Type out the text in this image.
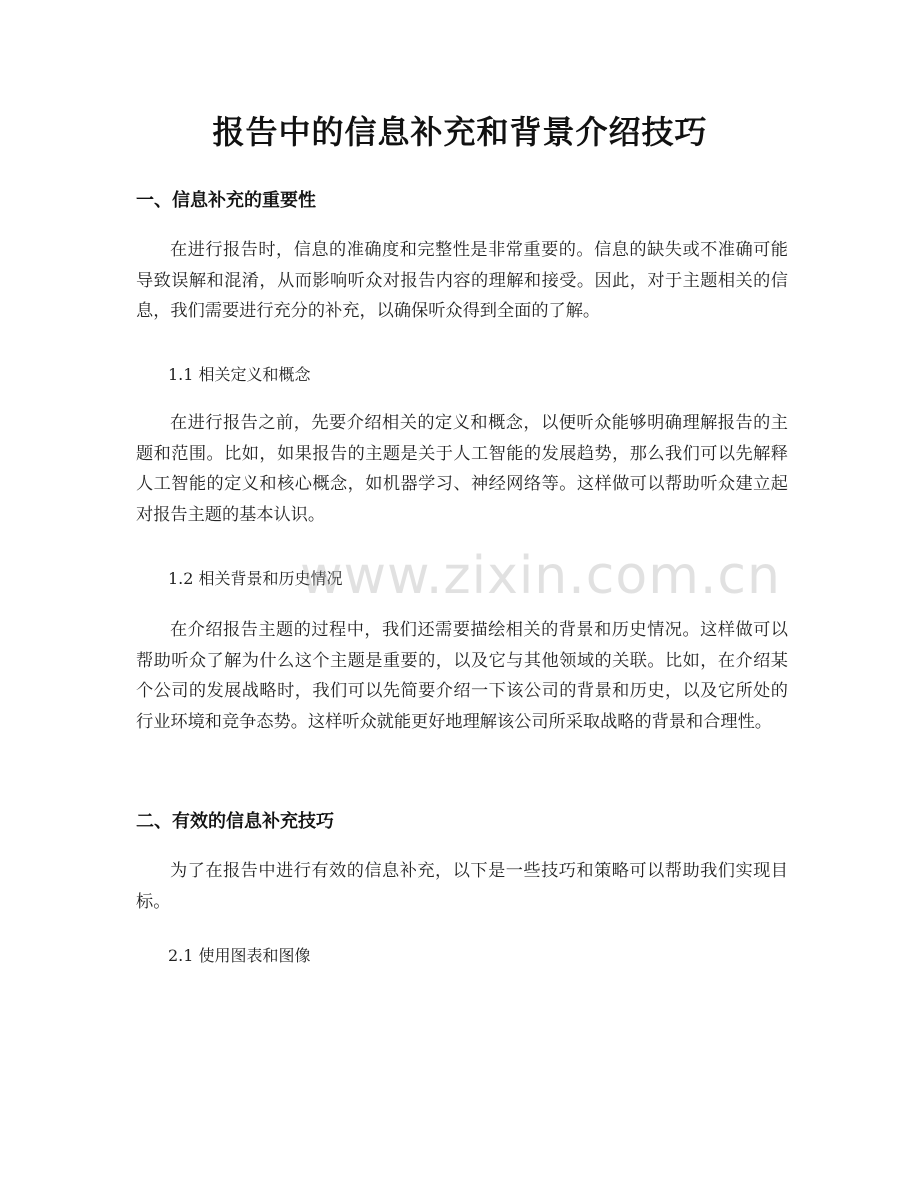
报告中的信息补充和背景介绍技巧
一、信息补充的重要性

在进行报告时，信息的准确度和完整性是非常重要的。信息的缺失或不准确可能导致误解和混淆，从而影响听众对报告内容的理解和接受。因此，对于主题相关的信息，我们需要进行充分的补充，以确保听众得到全面的了解。

1.1 相关定义和概念

在进行报告之前，先要介绍相关的定义和概念，以便听众能够明确理解报告的主题和范围。比如，如果报告的主题是关于人工智能的发展趋势，那么我们可以先解释人工智能的定义和核心概念，如机器学习、神经网络等。这样做可以帮助听众建立起对报告主题的基本认识。

1.2 相关背景和历史情况

在介绍报告主题的过程中，我们还需要描绘相关的背景和历史情况。这样做可以帮助听众了解为什么这个主题是重要的，以及它与其他领域的关联。比如，在介绍某个公司的发展战略时，我们可以先简要介绍一下该公司的背景和历史，以及它所处的行业环境和竞争态势。这样听众就能更好地理解该公司所采取战略的背景和合理性。

二、有效的信息补充技巧

为了在报告中进行有效的信息补充，以下是一些技巧和策略可以帮助我们实现目标。

2.1 使用图表和图像
www.zixin.com.cn
